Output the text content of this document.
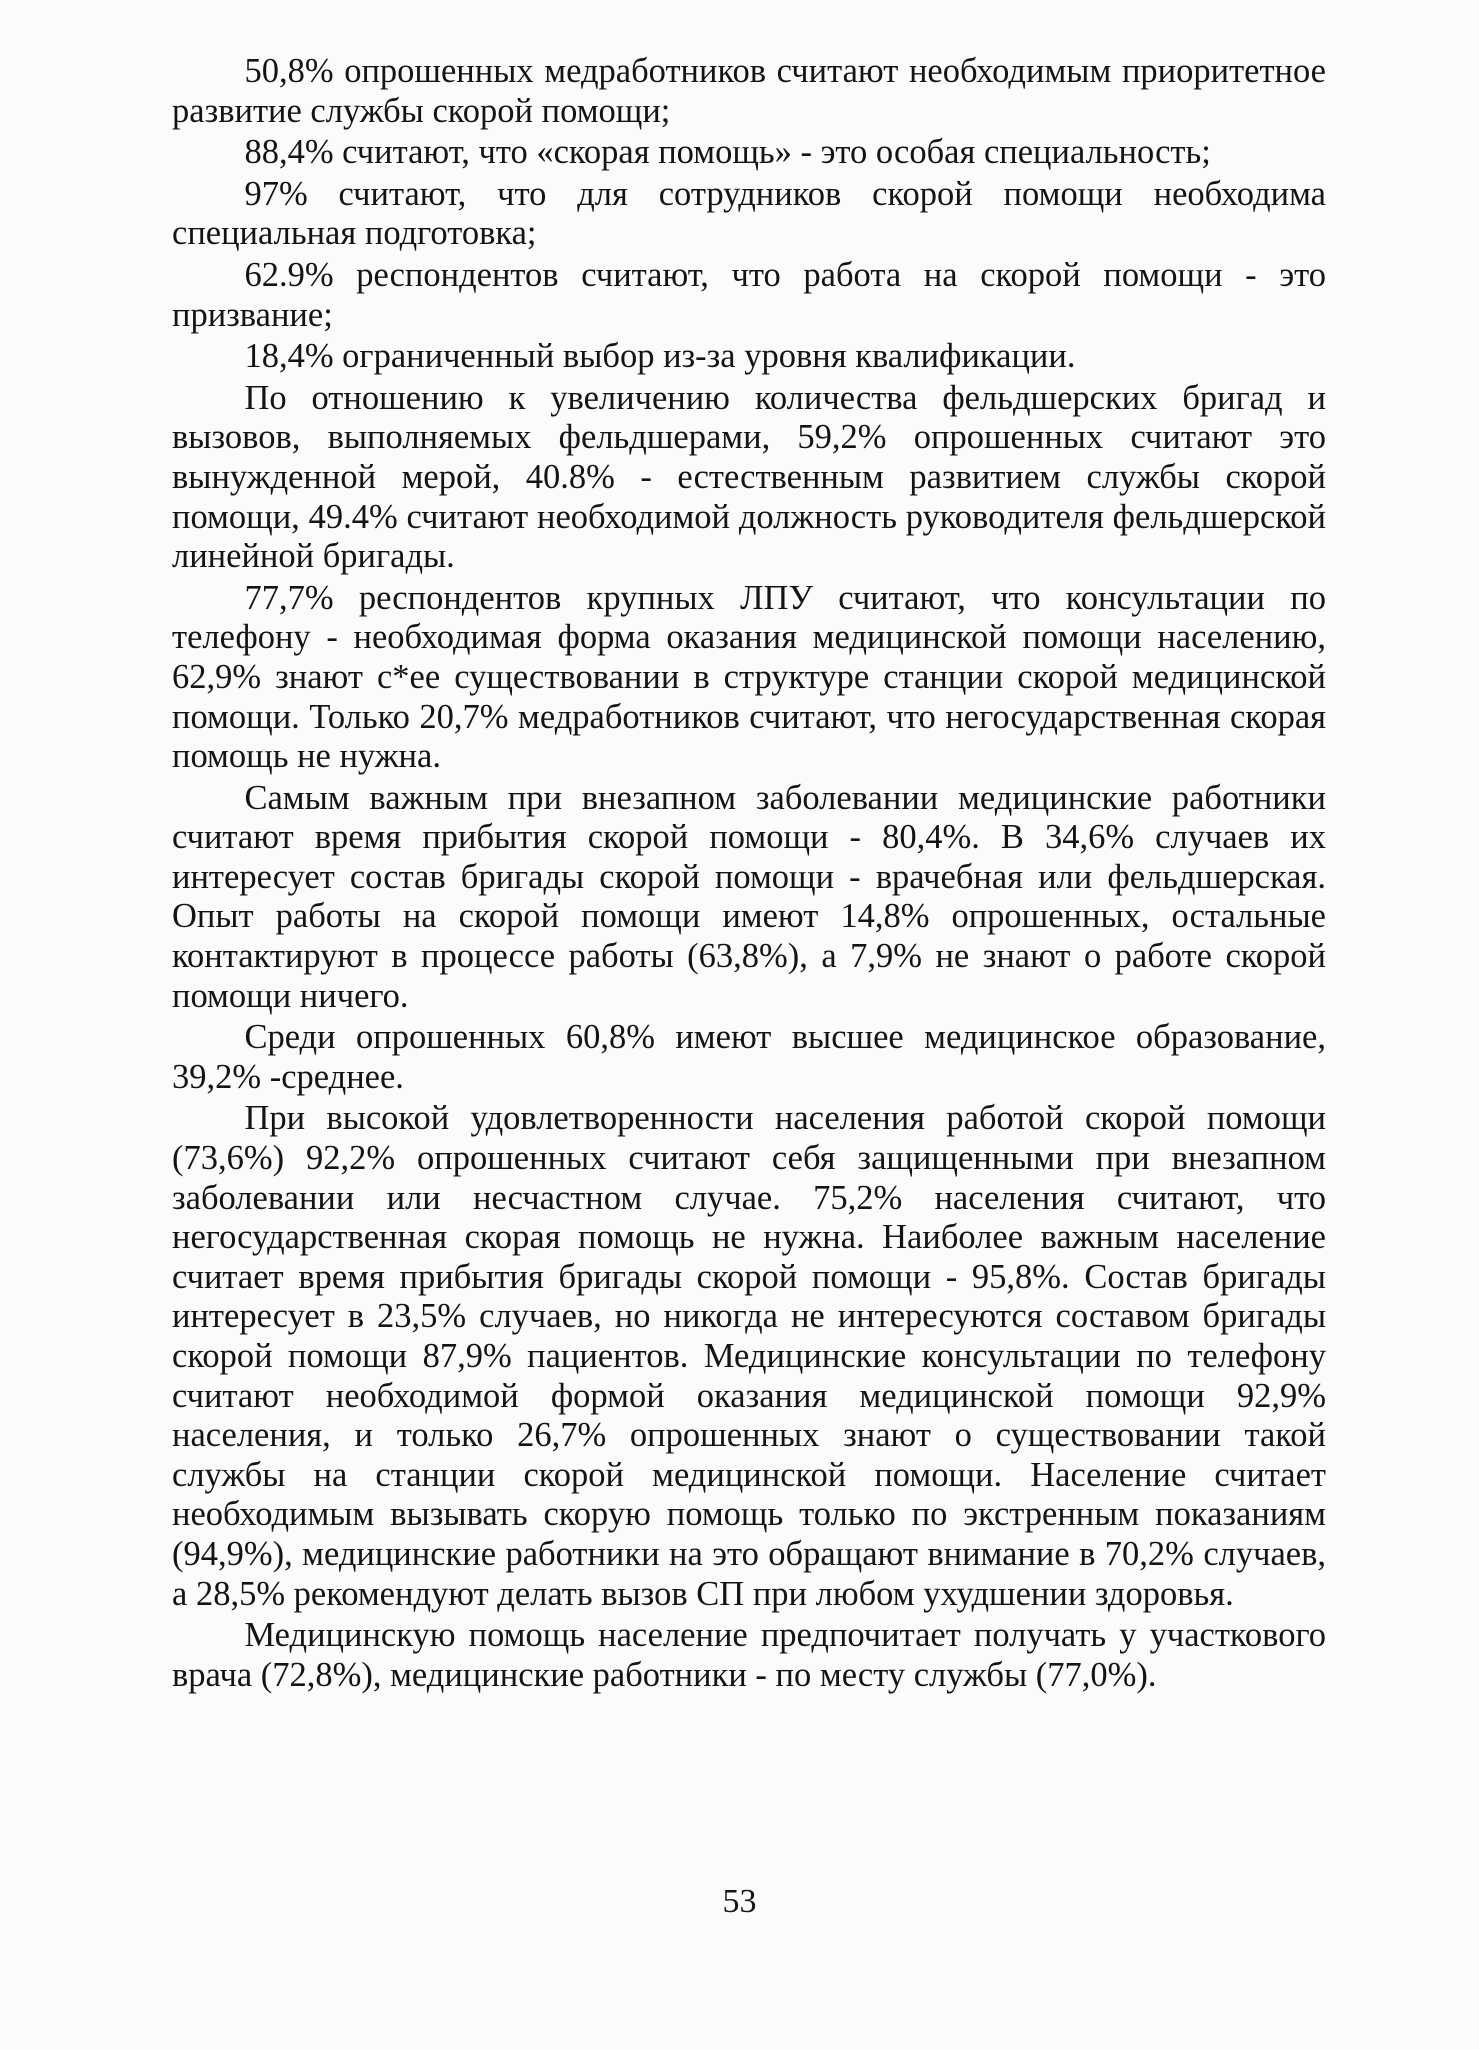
50,8% опрошенных медработников считают необходимым приоритетное развитие службы скорой помощи;

88,4% считают, что «скорая помощь» - это особая специальность;

97% считают, что для сотрудников скорой помощи необходима специальная подготовка;

62.9% респондентов считают, что работа на скорой помощи - это призвание;

18,4% ограниченный выбор из-за уровня квалификации.

По отношению к увеличению количества фельдшерских бригад и вызовов, выполняемых фельдшерами, 59,2% опрошенных считают это вынужденной мерой, 40.8% - естественным развитием службы скорой помощи, 49.4% считают необходимой должность руководителя фельдшерской линейной бригады.

77,7% респондентов крупных ЛПУ считают, что консультации по телефону - необходимая форма оказания медицинской помощи населению, 62,9% знают с*ее существовании в структуре станции скорой медицинской помощи. Только 20,7% медработников считают, что негосударственная скорая помощь не нужна.

Самым важным при внезапном заболевании медицинские работники считают время прибытия скорой помощи - 80,4%. В 34,6% случаев их интересует состав бригады скорой помощи - врачебная или фельдшерская. Опыт работы на скорой помощи имеют 14,8% опрошенных, остальные контактируют в процессе работы (63,8%), а 7,9% не знают о работе скорой помощи ничего.

Среди опрошенных 60,8% имеют высшее медицинское образование, 39,2% -среднее.

При высокой удовлетворенности населения работой скорой помощи (73,6%) 92,2% опрошенных считают себя защищенными при внезапном заболевании или несчастном случае. 75,2% населения считают, что негосударственная скорая помощь не нужна. Наиболее важным население считает время прибытия бригады скорой помощи - 95,8%. Состав бригады интересует в 23,5% случаев, но никогда не интересуются составом бригады скорой помощи 87,9% пациентов. Медицинские консультации по телефону считают необходимой формой оказания медицинской помощи 92,9% населения, и только 26,7% опрошенных знают о существовании такой службы на станции скорой медицинской помощи. Население считает необходимым вызывать скорую помощь только по экстренным показаниям (94,9%), медицинские работники на это обращают внимание в 70,2% случаев, а 28,5% рекомендуют делать вызов СП при любом ухудшении здоровья.

Медицинскую помощь население предпочитает получать у участкового врача (72,8%), медицинские работники - по месту службы (77,0%).

53
